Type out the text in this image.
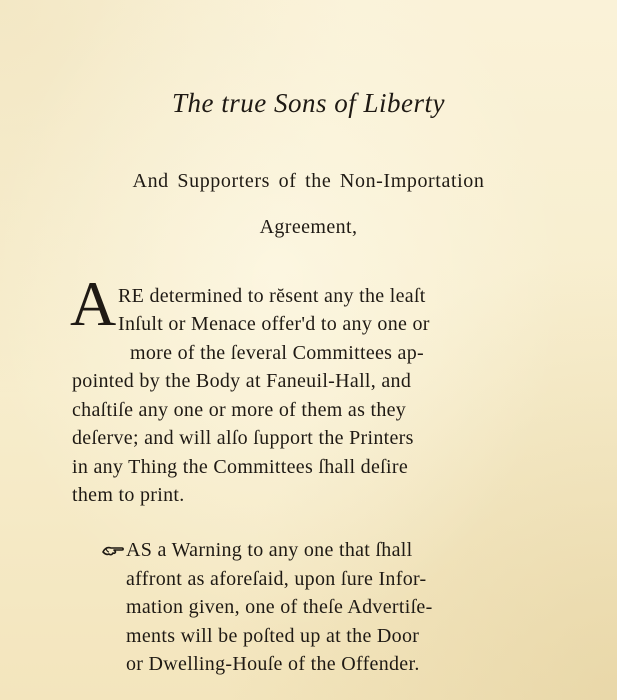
The true Sons of Liberty
And Supporters of the Non-Importation
Agreement,
A RE determined to rĕsent any the leaſt
Inſult or Menace offer'd to any one or
more of the ſeveral Committees ap-
pointed by the Body at Faneuil-Hall, and
chaſtiſe any one or more of them as they
deſerve; and will alſo ſupport the Printers
in any Thing the Committees ſhall deſire
them to print.
AS a Warning to any one that ſhall
affront as aforeſaid, upon ſure Infor-
mation given, one of theſe Advertiſe-
ments will be poſted up at the Door
or Dwelling-Houſe of the Offender.
